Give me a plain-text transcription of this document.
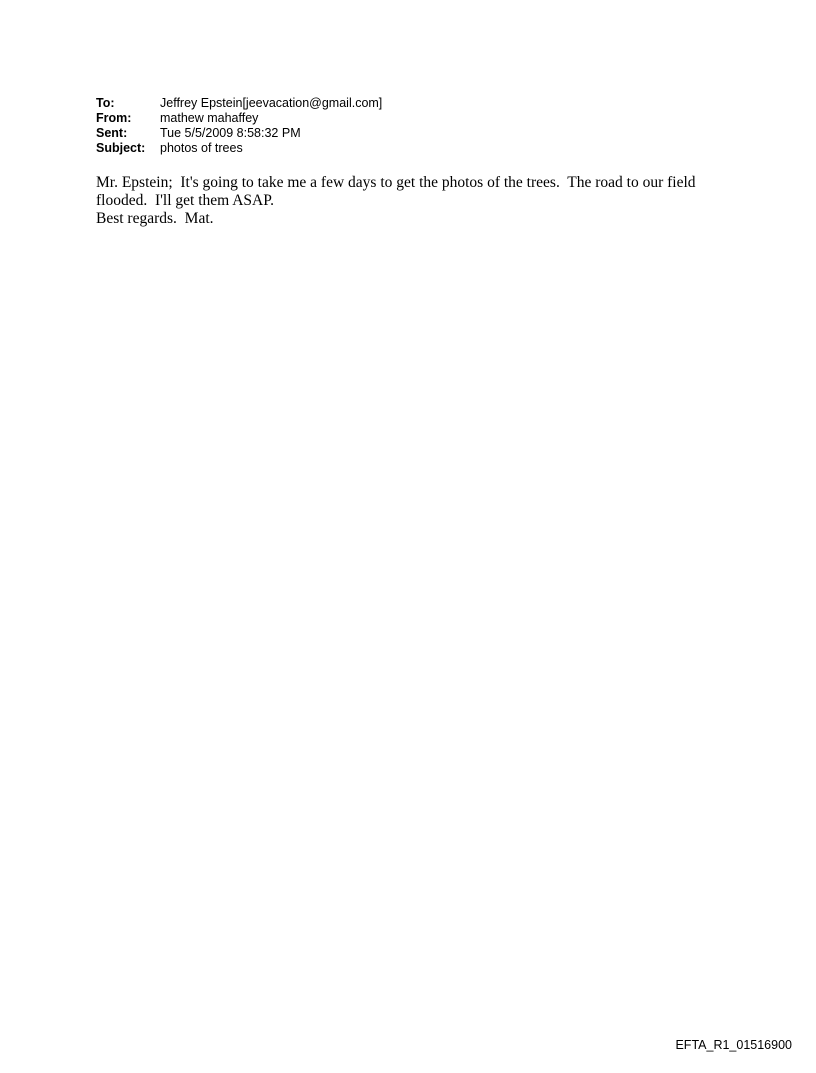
To:	Jeffrey Epstein[jeevacation@gmail.com]
From:	mathew mahaffey
Sent:	Tue 5/5/2009 8:58:32 PM
Subject:	photos of trees
Mr. Epstein;  It's going to take me a few days to get the photos of the trees.  The road to our field
flooded.  I'll get them ASAP.
Best regards.  Mat.
EFTA_R1_01516900
